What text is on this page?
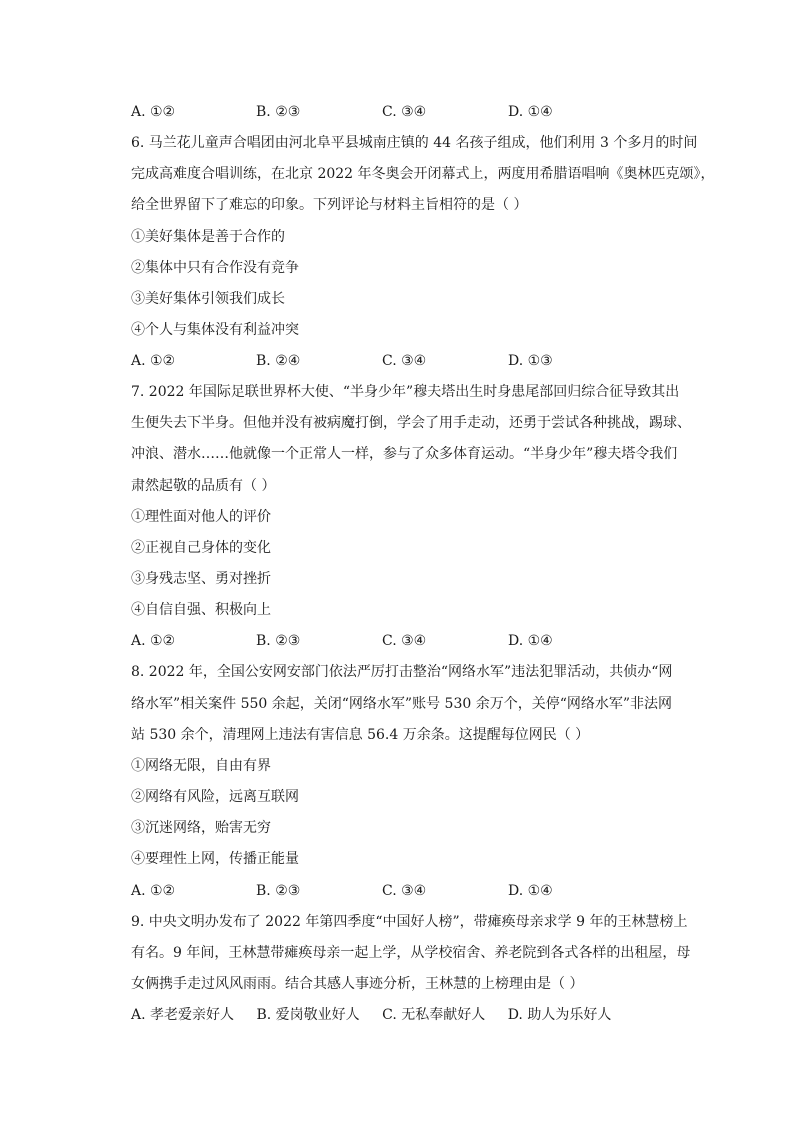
A. ①②	B. ②③	C. ③④	D. ①④
6. 马兰花儿童声合唱团由河北阜平县城南庄镇的 44 名孩子组成，他们利用 3 个多月的时间
完成高难度合唱训练，在北京 2022 年冬奥会开闭幕式上，两度用希腊语唱响《奥林匹克颂》，
给全世界留下了难忘的印象。下列评论与材料主旨相符的是（ ）
①美好集体是善于合作的
②集体中只有合作没有竞争
③美好集体引领我们成长
④个人与集体没有利益冲突
A. ①②	B. ②④	C. ③④	D. ①③
7. 2022 年国际足联世界杯大使、“半身少年”穆夫塔出生时身患尾部回归综合征导致其出
生便失去下半身。但他并没有被病魔打倒，学会了用手走动，还勇于尝试各种挑战，踢球、
冲浪、潜水……他就像一个正常人一样，参与了众多体育运动。“半身少年”穆夫塔令我们
肃然起敬的品质有（ ）
①理性面对他人的评价
②正视自己身体的变化
③身残志坚、勇对挫折
④自信自强、积极向上
A. ①②	B. ②③	C. ③④	D. ①④
8. 2022 年，全国公安网安部门依法严厉打击整治“网络水军”违法犯罪活动，共侦办“网
络水军”相关案件 550 余起，关闭“网络水军”账号 530 余万个，关停“网络水军”非法网
站 530 余个，清理网上违法有害信息 56.4 万余条。这提醒每位网民（ ）
①网络无限，自由有界
②网络有风险，远离互联网
③沉迷网络，贻害无穷
④要理性上网，传播正能量
A. ①②	B. ②③	C. ③④	D. ①④
9. 中央文明办发布了 2022 年第四季度“中国好人榜”，带瘫痪母亲求学 9 年的王林慧榜上
有名。9 年间，王林慧带瘫痪母亲一起上学，从学校宿舍、养老院到各式各样的出租屋，母
女俩携手走过风风雨雨。结合其感人事迹分析，王林慧的上榜理由是（ ）
A. 孝老爱亲好人 B. 爱岗敬业好人 C. 无私奉献好人 D. 助人为乐好人
